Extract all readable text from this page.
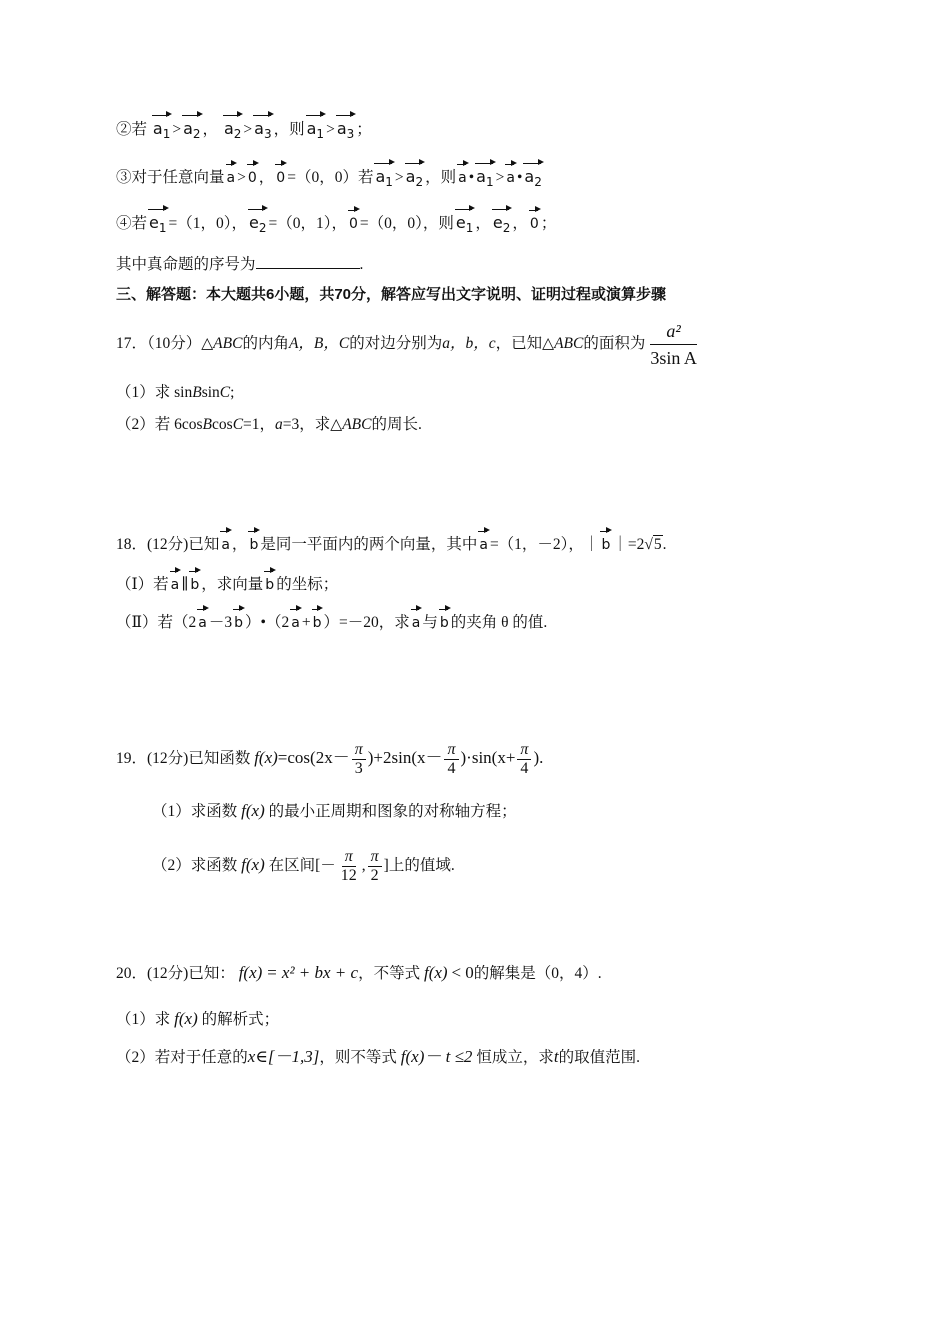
②若 $a_1 > a_2$ ， $a_2 > a_3$ ，则 $a_1 > a_3$ ；
③对于任意向量 a > 0 ， 0 =（0，0）若 $a_1 > a_2$ ，则 a • $a_1 > a$ • $a_2$
④若 $e_1 =(1$，0）， $e_2 =(0$，1）， 0 =（0，0），则 $e_1$ ， $e_2$ ， 0 ；
其中真命题的序号为	.
三、解答题：本大题共6小题，共70分，解答应写出文字说明、证明过程或演算步骤
17．（10分）△ABC的内角A，B，C的对边分别为a，b，c，已知△ABC的面积为 $\frac{\text{a²}}{\text{3sin A}}$
（1）求 sinBsinC;
（2）若 6cosBcosC=1，a=3，求△ABC的周长.
18．(12分)已知 a ， b 是同一平面内的两个向量，其中 a =（1，－2），｜ b ｜=2√5.
（Ⅰ）若 a ∥ b ，求向量 b 的坐标；
（Ⅱ）若（2 a －3 b ）•（2 a + b ）=－20，求 a 与 b 的夹角 θ 的值.
19．(12分)已知函数 $f(x)=\cos(2x- \frac{\pi}{3} )+2\sin(x- \frac{\pi}{4} )\cdot\sin(x+ \frac{\pi}{4}$ ).
（1）求函数 f(x) 的最小正周期和图象的对称轴方程；
（2）求函数 f(x) 在区间[－ $\frac{\pi}{12}$ , $\frac{\pi}{2}$ ]上的值域.
20．(12分)已知： f(x) = x² + bx + c，不等式 f(x) < 0的解集是（0，4）.
（1）求 f(x) 的解析式；
（2）若对于任意的x∈[－1,3]，则不等式 f(x)－ t ≤2 恒成立，求t的取值范围.
